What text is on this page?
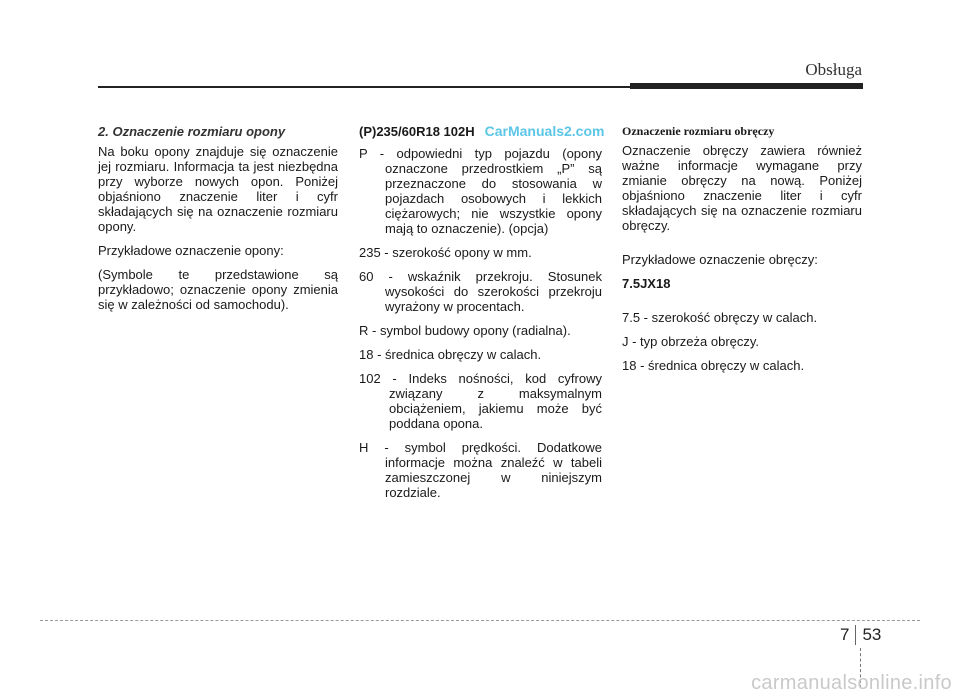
Obsługa

2. Oznaczenie rozmiaru opony

Na boku opony znajduje się oznaczenie jej rozmiaru. Informacja ta jest niezbędna przy wyborze nowych opon. Poniżej objaśniono znaczenie liter i cyfr składających się na oznaczenie rozmiaru opony.

Przykładowe oznaczenie opony:

(Symbole te przedstawione są przykładowo; oznaczenie opony zmienia się w zależności od samochodu).

(P)235/60R18 102H CarManuals2.com

P - odpowiedni typ pojazdu (opony oznaczone przedrostkiem „P” są przeznaczone do stosowania w pojazdach osobowych i lekkich ciężarowych; nie wszystkie opony mają to oznaczenie). (opcja)

235 - szerokość opony w mm.

60 - wskaźnik przekroju. Stosunek wysokości do szerokości przekroju wyrażony w procentach.

R - symbol budowy opony (radialna).

18 - średnica obręczy w calach.

102 - Indeks nośności, kod cyfrowy związany z maksymalnym obciążeniem, jakiemu może być poddana opona.

H - symbol prędkości. Dodatkowe informacje można znaleźć w tabeli zamieszczonej w niniejszym rozdziale.

Oznaczenie rozmiaru obręczy

Oznaczenie obręczy zawiera również ważne informacje wymagane przy zmianie obręczy na nową. Poniżej objaśniono znaczenie liter i cyfr składających się na oznaczenie rozmiaru obręczy.

Przykładowe oznaczenie obręczy:

7.5JX18

7.5 - szerokość obręczy w calach.

J - typ obrzeża obręczy.

18 - średnica obręczy w calach.

7 53
carmanualsonline.info
